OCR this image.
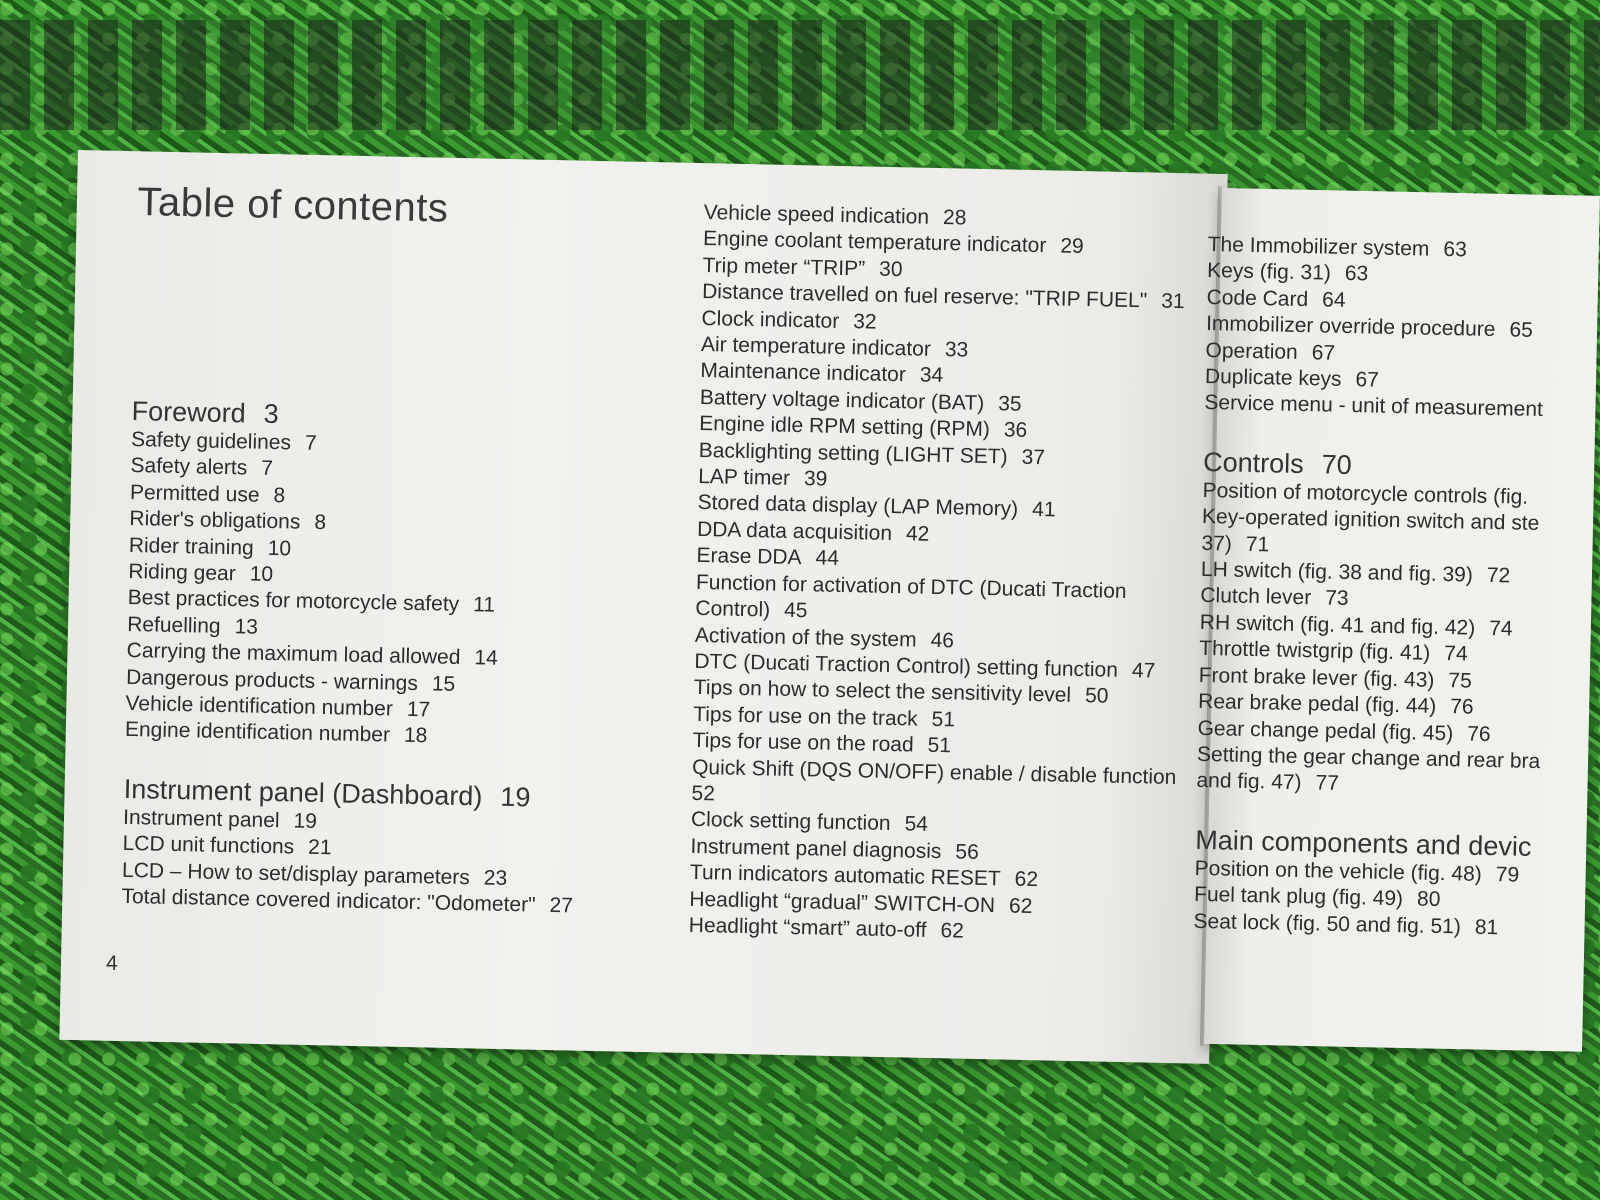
Table of contents
Foreword 3
Safety guidelines 7
Safety alerts 7
Permitted use 8
Rider's obligations 8
Rider training 10
Riding gear 10
Best practices for motorcycle safety 11
Refuelling 13
Carrying the maximum load allowed 14
Dangerous products - warnings 15
Vehicle identification number 17
Engine identification number 18
Instrument panel (Dashboard) 19
Instrument panel 19
LCD unit functions 21
LCD – How to set/display parameters 23
Total distance covered indicator: "Odometer" 27
Vehicle speed indication 28
Engine coolant temperature indicator 29
Trip meter “TRIP” 30
Distance travelled on fuel reserve: "TRIP FUEL" 31
Clock indicator 32
Air temperature indicator 33
Maintenance indicator 34
Battery voltage indicator (BAT) 35
Engine idle RPM setting (RPM) 36
Backlighting setting (LIGHT SET) 37
LAP timer 39
Stored data display (LAP Memory) 41
DDA data acquisition 42
Erase DDA 44
Function for activation of DTC (Ducati Traction
Control) 45
Activation of the system 46
DTC (Ducati Traction Control) setting function 47
Tips on how to select the sensitivity level 50
Tips for use on the track 51
Tips for use on the road 51
Quick Shift (DQS ON/OFF) enable / disable function
52
Clock setting function 54
Instrument panel diagnosis 56
Turn indicators automatic RESET 62
Headlight “gradual” SWITCH-ON 62
Headlight “smart” auto-off 62
4
The Immobilizer system 63
Keys (fig. 31) 63
Code Card 64
Immobilizer override procedure 65
Operation 67
Duplicate keys 67
Service menu - unit of measurement
Controls 70
Position of motorcycle controls (fig.
Key-operated ignition switch and ste
37) 71
LH switch (fig. 38 and fig. 39) 72
Clutch lever 73
RH switch (fig. 41 and fig. 42) 74
Throttle twistgrip (fig. 41) 74
Front brake lever (fig. 43) 75
Rear brake pedal (fig. 44) 76
Gear change pedal (fig. 45) 76
Setting the gear change and rear bra
and fig. 47) 77
Main components and devic
Position on the vehicle (fig. 48) 79
Fuel tank plug (fig. 49) 80
Seat lock (fig. 50 and fig. 51) 81
